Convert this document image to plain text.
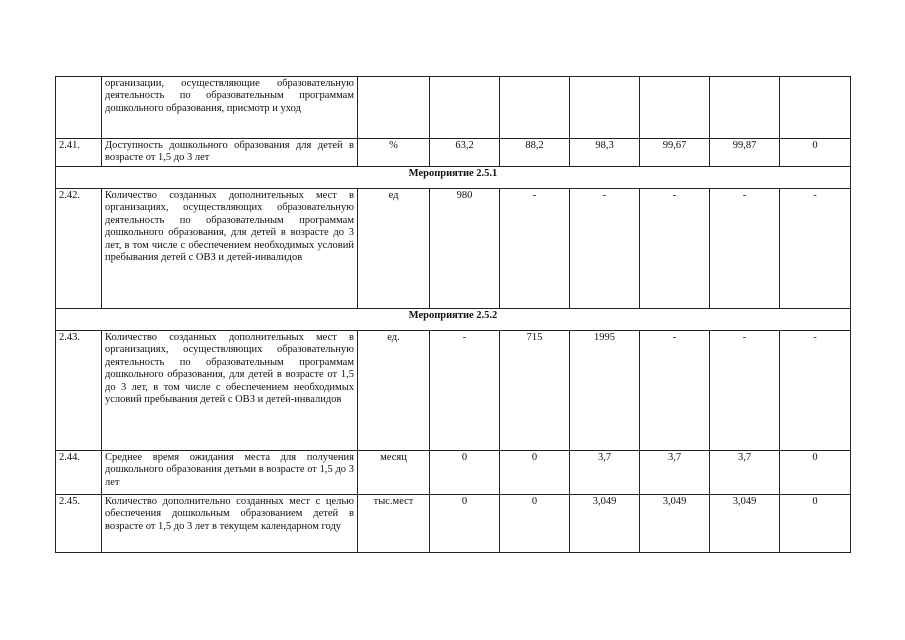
	организации, осуществляющие образовательную деятельность по образовательным программам дошкольного образования, присмотр и уход							
2.41.	Доступность дошкольного образования для детей в возрасте от 1,5 до 3 лет	%	63,2	88,2	98,3	99,67	99,87	0
Мероприятие 2.5.1								
2.42.	Количество созданных дополнительных мест в организациях, осуществляющих образовательную деятельность по образовательным программам дошкольного образования, для детей в возрасте до 3 лет, в том числе с обеспечением необходимых условий пребывания детей с ОВЗ и детей-инвалидов	ед	980	-	-	-	-	-
Мероприятие 2.5.2								
2.43.	Количество созданных дополнительных мест в организациях, осуществляющих образовательную деятельность по образовательным программам дошкольного образования, для детей в возрасте от 1,5 до 3 лет, в том числе с обеспечением необходимых условий пребывания детей с ОВЗ и детей-инвалидов	ед.	-	715	1995	-	-	-
2.44.	Среднее время ожидания места для получения дошкольного образования детьми в возрасте от 1,5 до 3 лет	месяц	0	0	3,7	3,7	3,7	0
2.45.	Количество дополнительно созданных мест с целью обеспечения дошкольным образованием детей в возрасте от 1,5 до 3 лет в текущем календарном году	тыс.мест	0	0	3,049	3,049	3,049	0
